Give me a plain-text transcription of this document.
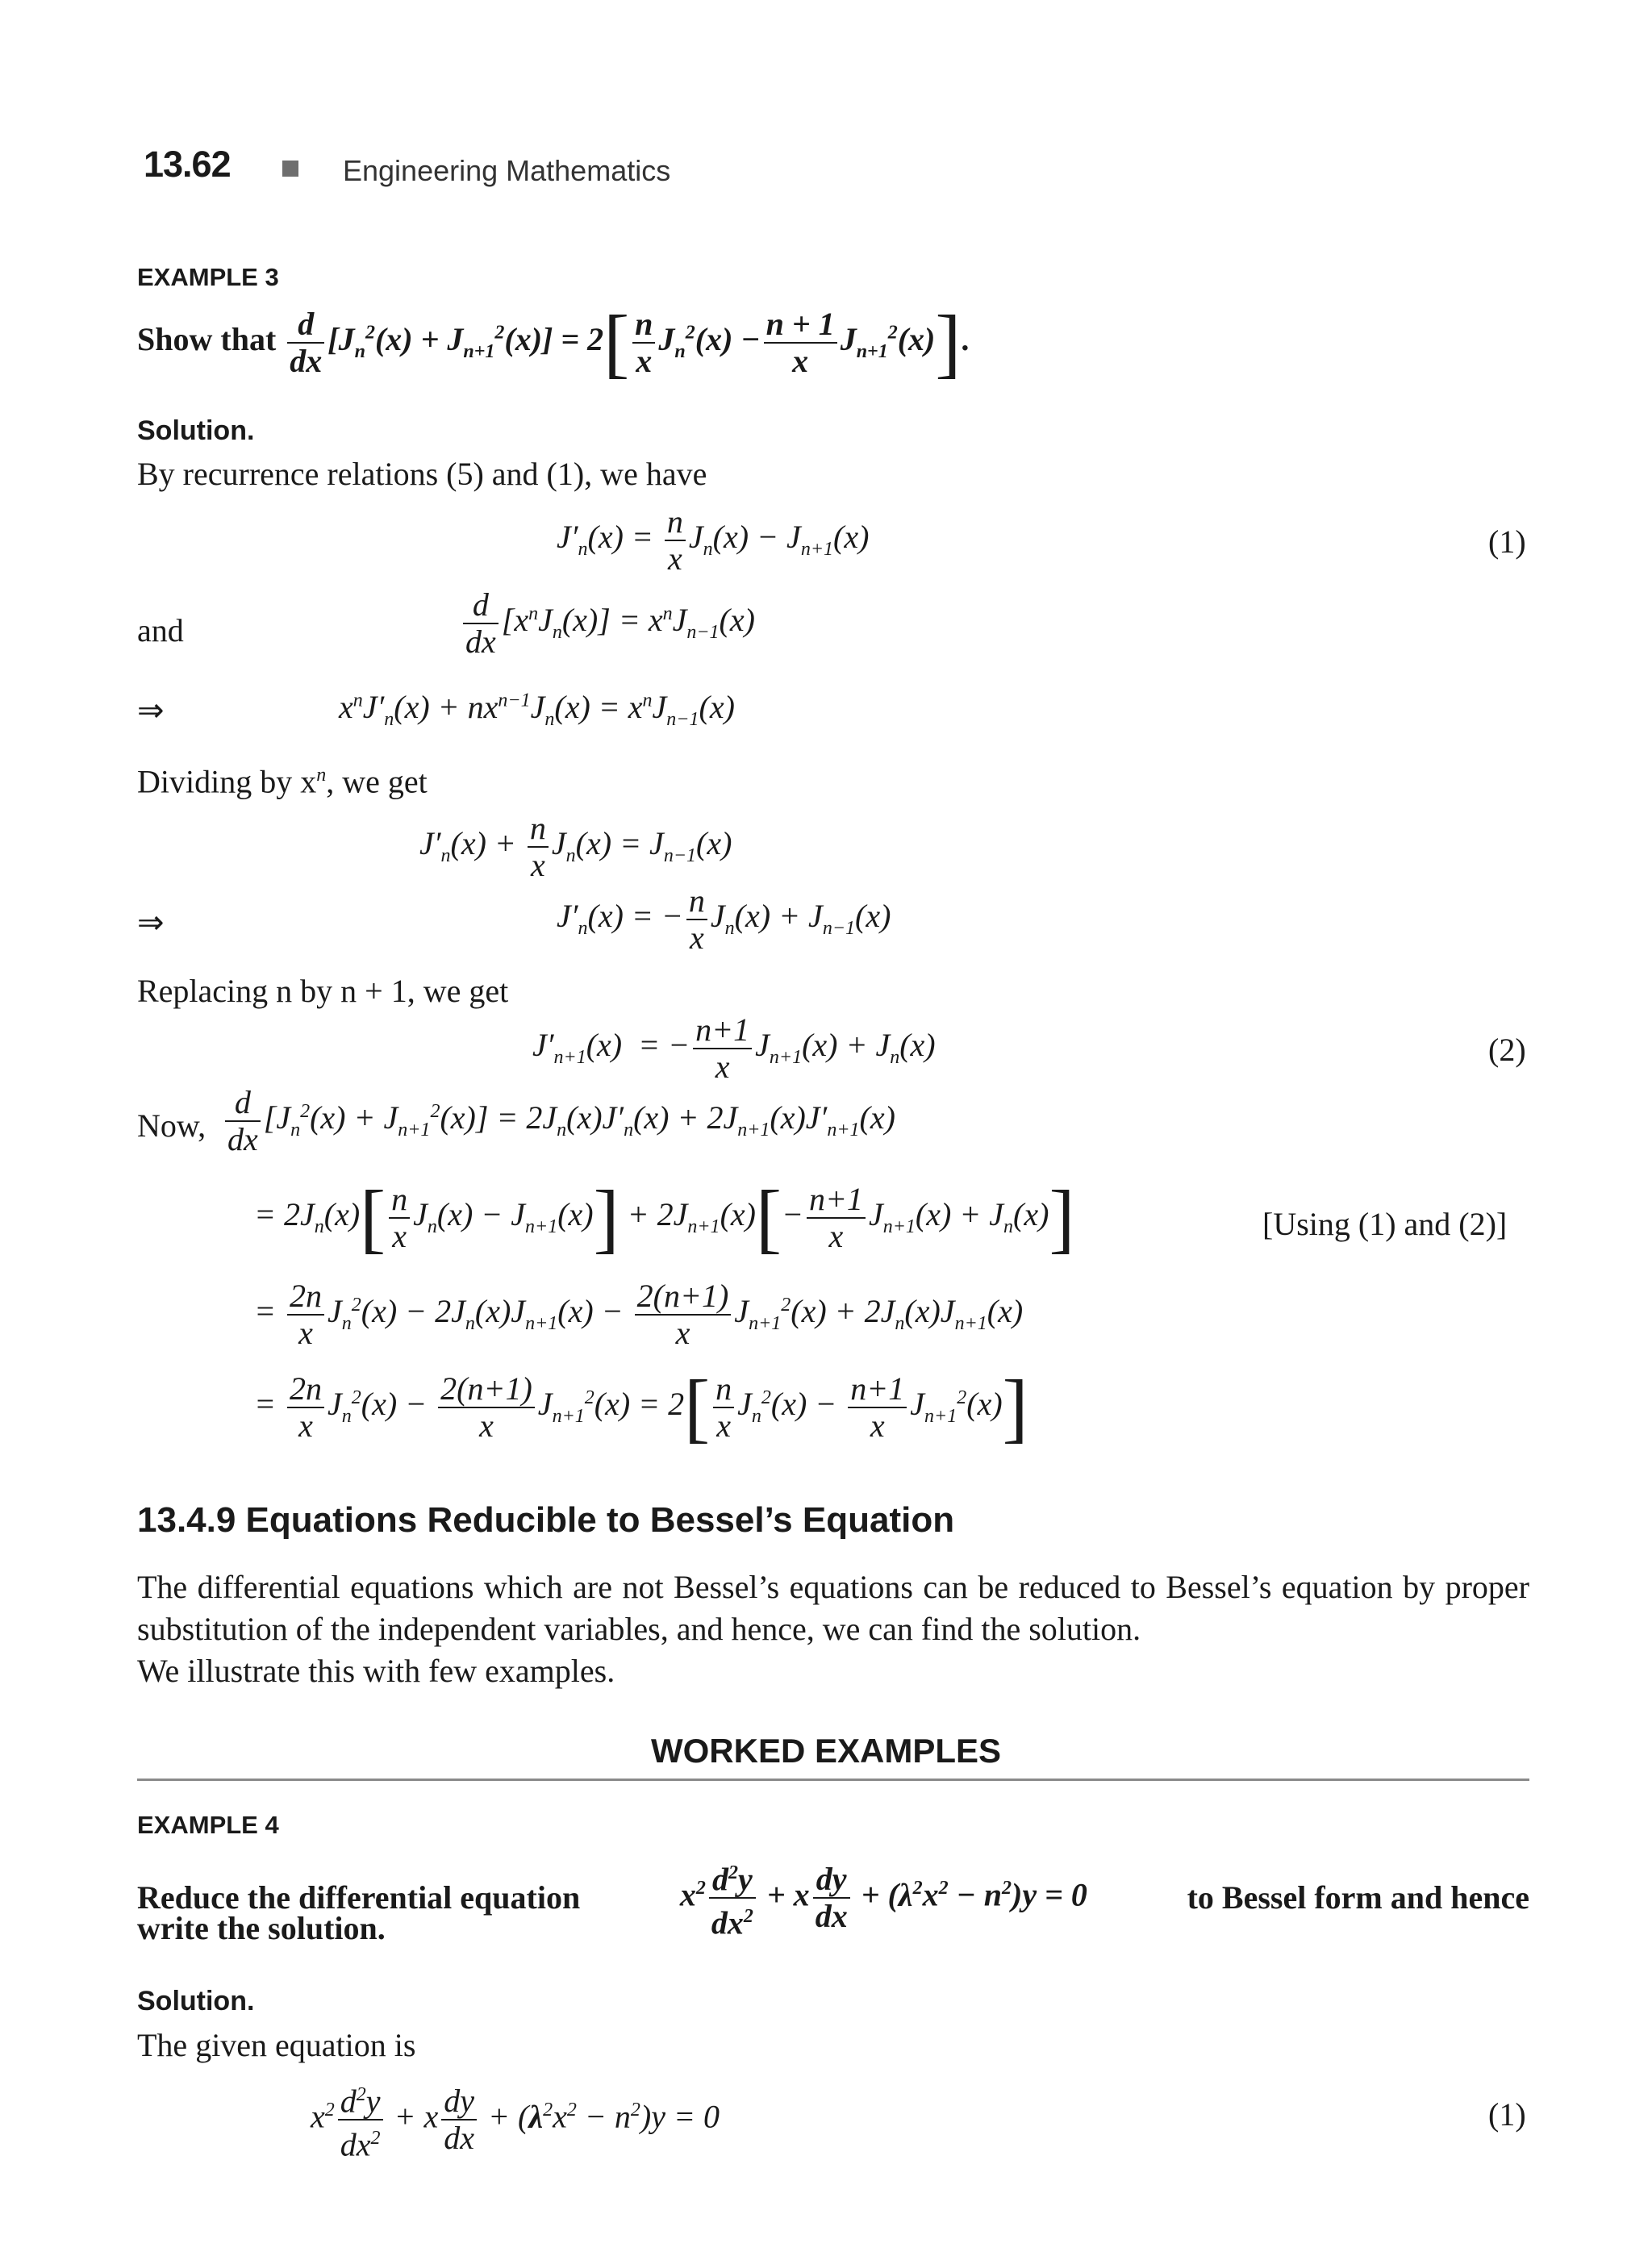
13.62	Engineering Mathematics
EXAMPLE 3
Show that $\frac{d}{dx} [J_n^2(x) + J_{n+1}^2(x)] = 2[ \frac{n}{x} J_n^2(x) - \frac{n + 1}{x} J_{n+1}^2(x)]$.
Solution.
By recurrence relations (5) and (1), we have
$J'_n(x) = \frac{n}{x} J_n(x) - J_{n+1}(x)$	(1)
and	$\frac{d}{dx} [x^nJ_n(x)] = x^nJ_{n-1}(x)$
⇒	$x^nJ'_n(x) + nx^{n-1}J_n(x) = x^nJ_{n-1}(x)$
Dividing by $x^n$, we get
$J'_n(x) + \frac{n}{x} J_n(x) = J_{n-1}(x)$
⇒	$J'_n(x)$ = − $\frac{n}{x} J_n(x) + J_{n-1}(x)$
Replacing n by n + 1, we get
$J'_{n+1}(x)$  = − $\frac{n+1}{x} J_{n+1}(x) + J_n(x)$	(2)
Now, $\frac{d}{dx} [J_n^2(x) + J_{n+1}^2(x)] = 2J_n(x)J'_n(x) + 2J_{n+1}(x)J'_{n+1}(x)$
= $2J_n(x)[ \frac{n}{x} J_n(x) - J_{n+1}(x)] + 2J_{n+1}(x)[- \frac{n+1}{x} J_{n+1}(x) + J_n(x)]$	[Using (1) and (2)]
= $\frac{2n}{x} J_n^2(x) - 2J_n(x)J_{n+1}(x) - \frac{2(n+1)}{x} J_{n+1}^2(x) + 2J_n(x)J_{n+1}(x)$
= $\frac{2n}{x} J_n^2(x) - \frac{2(n+1)}{x} J_{n+1}^2(x) = 2[ \frac{n}{x} J_n^2(x) - \frac{n+1}{x} J_{n+1}^2(x)]$
13.4.9 Equations Reducible to Bessel’s Equation
The differential equations which are not Bessel’s equations can be reduced to Bessel’s equation by proper substitution of the independent variables, and hence, we can find the solution.
We illustrate this with few examples.
WORKED EXAMPLES
EXAMPLE 4
Reduce the differential equation	$x^2 \frac{d^2y}{dx^2} + x \frac{dy}{dx} + (\lambda^2x^2 - n^2)y = 0$	to Bessel form and hence
write the solution.
Solution.
The given equation is
$x^2 \frac{d^2y}{dx^2} + x \frac{dy}{dx} + (\lambda^2x^2 - n^2)y = 0$	(1)
